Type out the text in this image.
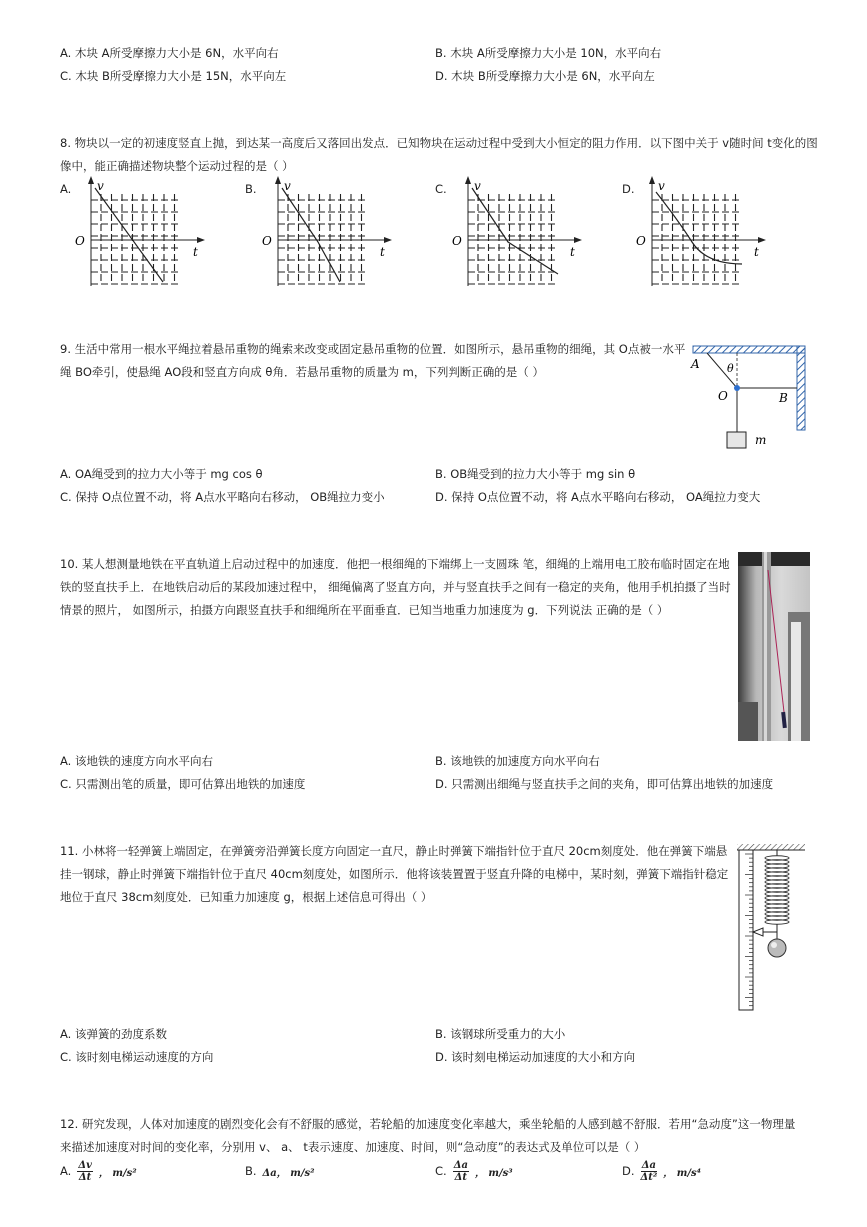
A. 木块 A所受摩擦力大小是 6N，水平向右	B. 木块 A所受摩擦力大小是 10N，水平向右
C. 木块 B所受摩擦力大小是 15N，水平向左	D. 木块 B所受摩擦力大小是 6N，水平向左
8. 物块以一定的初速度竖直上抛，到达某一高度后又落回出发点．已知物块在运动过程中受到大小恒定的阻力作用．以下图中关于 v随时间 t变化的图
像中，能正确描述物块整个运动过程的是（ ）
A.	B.	C.	D.
v
t
O
v
t
O
v
t
O
v
t
O
9. 生活中常用一根水平绳拉着悬吊重物的绳索来改变或固定悬吊重物的位置．如图所示，悬吊重物的细绳，其 O点被一水平
绳 BO牵引，使悬绳 AO段和竖直方向成 θ角．若悬吊重物的质量为 m，下列判断正确的是（ ）
A θ
O	B
m
A. OA绳受到的拉力大小等于 mg cos θ	B. OB绳受到的拉力大小等于 mg sin θ
C. 保持 O点位置不动，将 A点水平略向右移动， OB绳拉力变小	D. 保持 O点位置不动，将 A点水平略向右移动， OA绳拉力变大
10. 某人想测量地铁在平直轨道上启动过程中的加速度．他把一根细绳的下端绑上一支圆珠 笔，细绳的上端用电工胶布临时固定在地
铁的竖直扶手上．在地铁启动后的某段加速过程中， 细绳偏离了竖直方向，并与竖直扶手之间有一稳定的夹角，他用手机拍摄了当时
情景的照片， 如图所示，拍摄方向跟竖直扶手和细绳所在平面垂直．已知当地重力加速度为 g．下列说法 正确的是（ ）
A. 该地铁的速度方向水平向右	B. 该地铁的加速度方向水平向右
C. 只需测出笔的质量，即可估算出地铁的加速度	D. 只需测出细绳与竖直扶手之间的夹角，即可估算出地铁的加速度
11. 小林将一轻弹簧上端固定，在弹簧旁沿弹簧长度方向固定一直尺，静止时弹簧下端指针位于直尺 20cm刻度处．他在弹簧下端悬
挂一钢球，静止时弹簧下端指针位于直尺 40cm刻度处，如图所示．他将该装置置于竖直升降的电梯中，某时刻，弹簧下端指针稳定
地位于直尺 38cm刻度处．已知重力加速度 g，根据上述信息可得出（ ）
A. 该弹簧的劲度系数	B. 该钢球所受重力的大小
C. 该时刻电梯运动速度的方向	D. 该时刻电梯运动加速度的大小和方向
12. 研究发现，人体对加速度的剧烈变化会有不舒服的感觉，若轮船的加速度变化率越大，乘坐轮船的人感到越不舒服．若用“急动度”这一物理量
来描述加速度对时间的变化率，分别用 v、 a、 t表示速度、加速度、时间，则“急动度”的表达式及单位可以是（ ）
A. $\frac{\Delta v}{\Delta t}$ ， m/s²	B. Δa， m/s²	C. $\frac{\Delta a}{\Delta t}$ ， m/s³	D. $\frac{\Delta a}{\text{Δt²}}$ ， m/s⁴
